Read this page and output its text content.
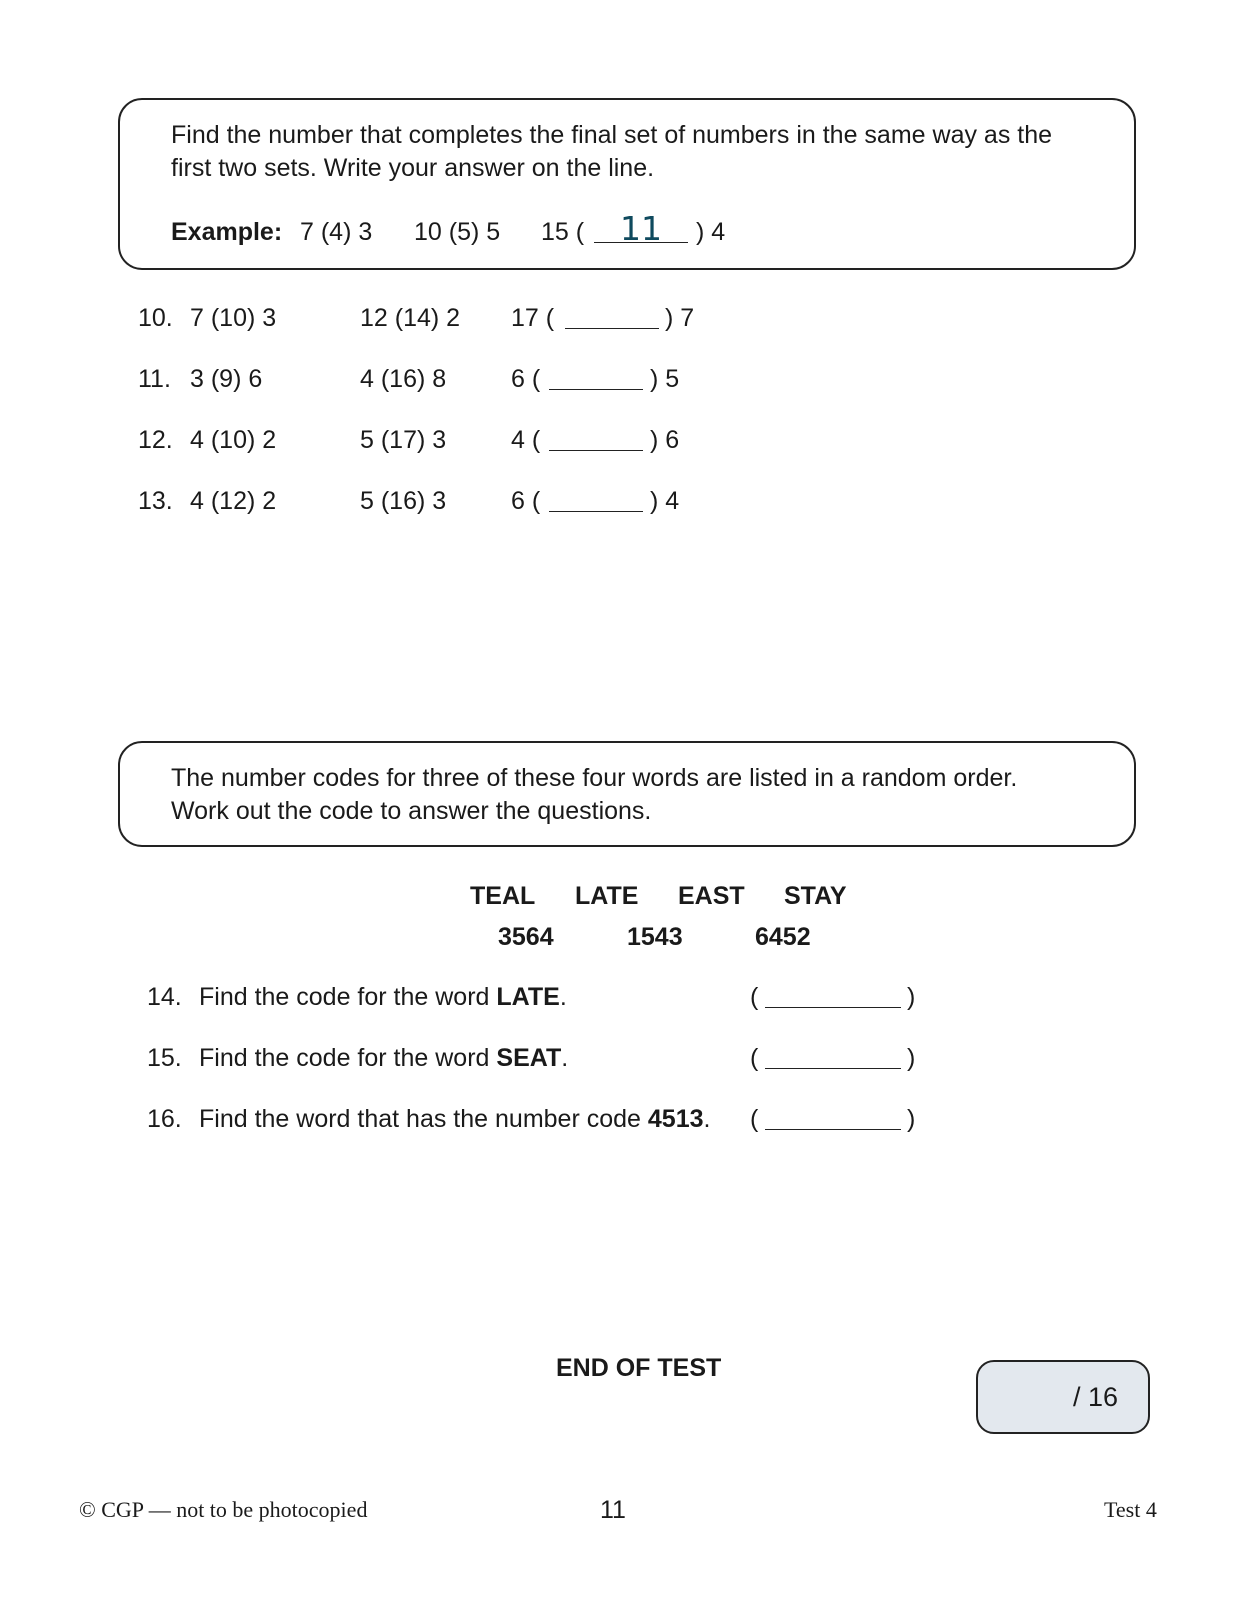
Find the number that completes the final set of numbers in the same way as the
first two sets. Write your answer on the line.
Example: 7 (4) 3 10 (5) 5 15 ( 11 ) 4
10. 7 (10) 3	12 (14) 2 17 (	) 7
11. 3 (9) 6	4 (16) 8	6 (	) 5
12. 4 (10) 2	5 (17) 3	4 (	) 6
13. 4 (12) 2	5 (16) 3	6 (	) 4
The number codes for three of these four words are listed in a random order.
Work out the code to answer the questions.
TEAL LATE EAST STAY
3564	1543	6452
14. Find the code for the word LATE.	(	)
15. Find the code for the word SEAT.	(	)
16. Find the word that has the number code 4513. (	)
END OF TEST
/ 16
© CGP — not to be photocopied	11	Test 4
